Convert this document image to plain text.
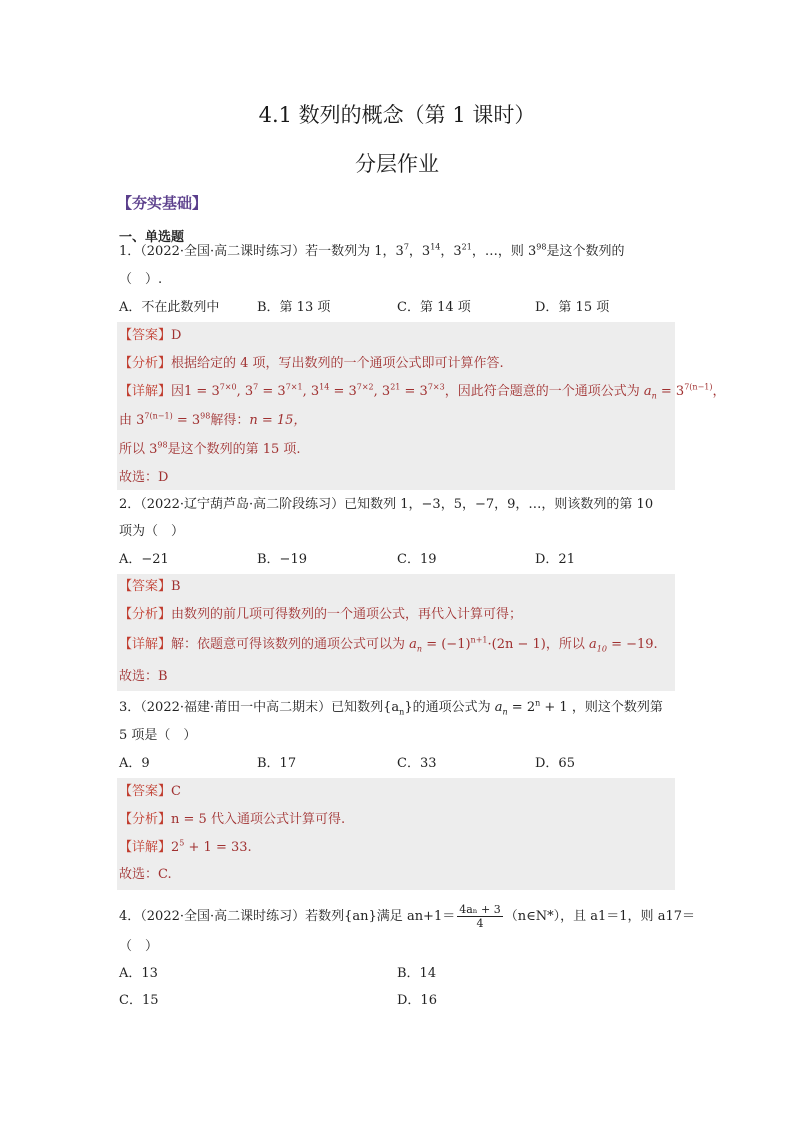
4.1 数列的概念（第 1 课时）
分层作业
【夯实基础】
一、单选题
1．（2022·全国·高二课时练习）若一数列为 1，$3^7$，$3^{14}$，$3^{21}$，…，则 $3^{98}$是这个数列的
（　）.
A．不在此数列中	B．第 13 项	C．第 14 项	D．第 15 项
【答案】D
【分析】根据给定的 4 项，写出数列的一个通项公式即可计算作答.
【详解】因$1 = 3^{7\times 0}$, $3^7 = 3^{7\times 1}$, $3^{14} = 3^{7\times 2}$, $3^{21} = 3^{7\times 3}$，因此符合题意的一个通项公式为 $a_n = 3^{7(n-1)}$，
由 $3^{7(n-1)} = 3^{98}$解得：n = 15，
所以 $3^{98}$是这个数列的第 15 项.
故选：D
2．（2022·辽宁葫芦岛·高二阶段练习）已知数列 1，−3，5，−7，9，…，则该数列的第 10
项为（　）
A．−21	B．−19	C．19	D．21
【答案】B
【分析】由数列的前几项可得数列的一个通项公式，再代入计算可得；
【详解】解：依题意可得该数列的通项公式可以为 $a_n = (-1)^{n+1}\cdot(2n - 1)$，所以 $a_{10} = -19$.
故选：B
3．（2022·福建·莆田一中高二期末）已知数列$\{a_n\}$的通项公式为 $a_n = 2^n + 1$ ，则这个数列第
5 项是（　）
A．9	B．17	C．33	D．65
【答案】C
【分析】n = 5 代入通项公式计算可得.
【详解】$2^5 + 1 = 33$.
故选：C.
4．（2022·全国·高二课时练习）若数列{an}满足 $an+1= \frac{\text{4aₙ + 3}}{4}$ （n∈N*），且 a1＝1，则 a17＝
（　）
A．13	B．14
C．15	D．16
